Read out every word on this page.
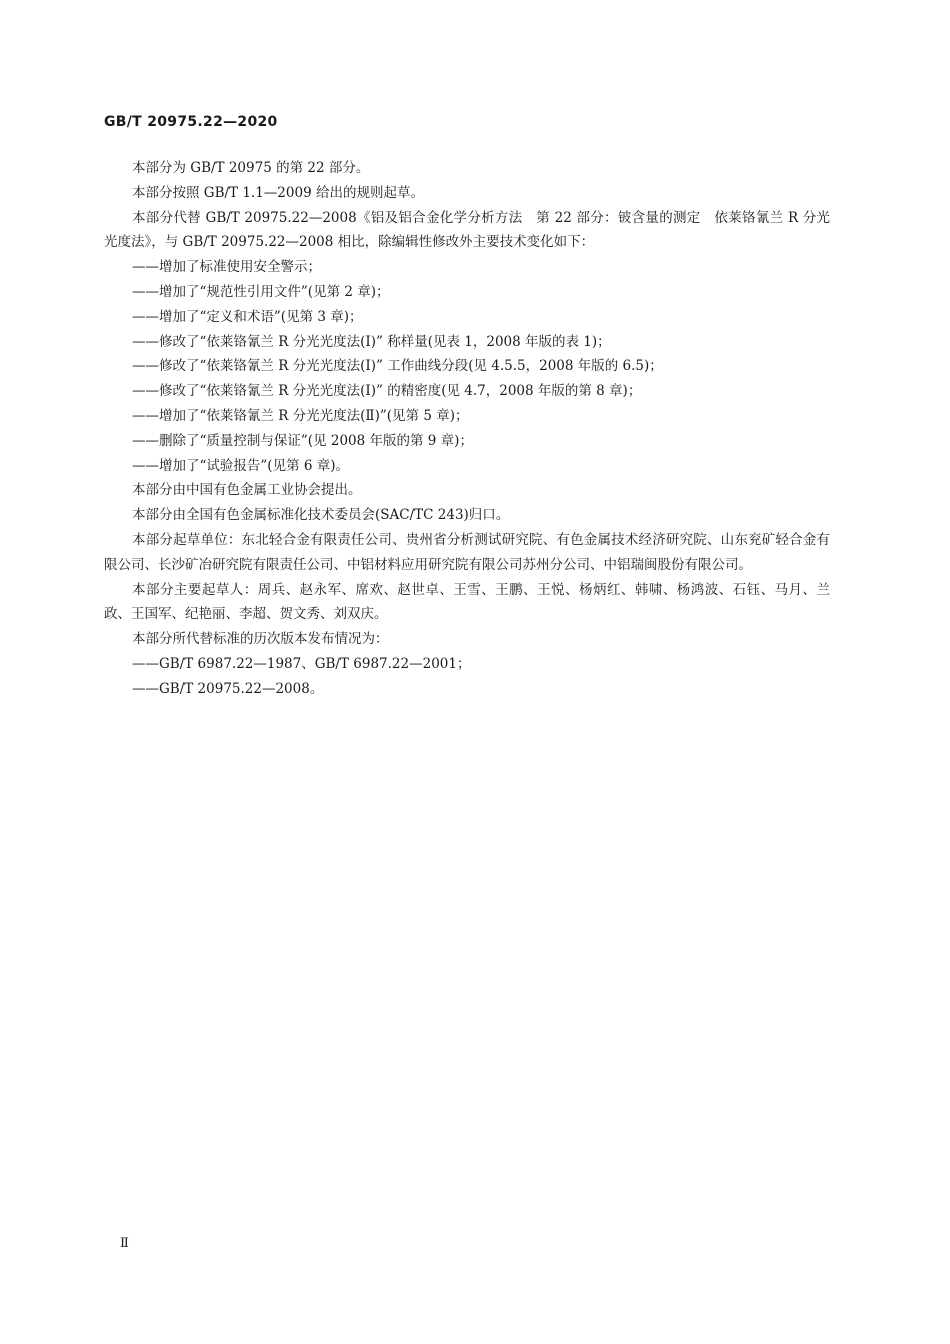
GB/T 20975.22—2020

本部分为 GB/T 20975 的第 22 部分。

本部分按照 GB/T 1.1—2009 给出的规则起草。

本部分代替 GB/T 20975.22—2008《铝及铝合金化学分析方法　第 22 部分：铍含量的测定　依莱铬氰兰 R 分光光度法》，与 GB/T 20975.22—2008 相比，除编辑性修改外主要技术变化如下：

——增加了标准使用安全警示；

——增加了“规范性引用文件”(见第 2 章)；

——增加了“定义和术语”(见第 3 章)；

——修改了“依莱铬氰兰 R 分光光度法(Ⅰ)” 称样量(见表 1，2008 年版的表 1)；

——修改了“依莱铬氰兰 R 分光光度法(Ⅰ)” 工作曲线分段(见 4.5.5，2008 年版的 6.5)；

——修改了“依莱铬氰兰 R 分光光度法(Ⅰ)” 的精密度(见 4.7，2008 年版的第 8 章)；

——增加了“依莱铬氰兰 R 分光光度法(Ⅱ)”(见第 5 章)；

——删除了“质量控制与保证”(见 2008 年版的第 9 章)；

——增加了“试验报告”(见第 6 章)。

本部分由中国有色金属工业协会提出。

本部分由全国有色金属标准化技术委员会(SAC/TC 243)归口。

本部分起草单位：东北轻合金有限责任公司、贵州省分析测试研究院、有色金属技术经济研究院、山东兖矿轻合金有限公司、长沙矿冶研究院有限责任公司、中铝材料应用研究院有限公司苏州分公司、中铝瑞闽股份有限公司。

本部分主要起草人：周兵、赵永军、席欢、赵世卓、王雪、王鹏、王悦、杨炳红、韩啸、杨鸿波、石钰、马月、兰政、王国军、纪艳丽、李超、贺文秀、刘双庆。

本部分所代替标准的历次版本发布情况为：

——GB/T 6987.22—1987、GB/T 6987.22—2001；

——GB/T 20975.22—2008。

Ⅱ
